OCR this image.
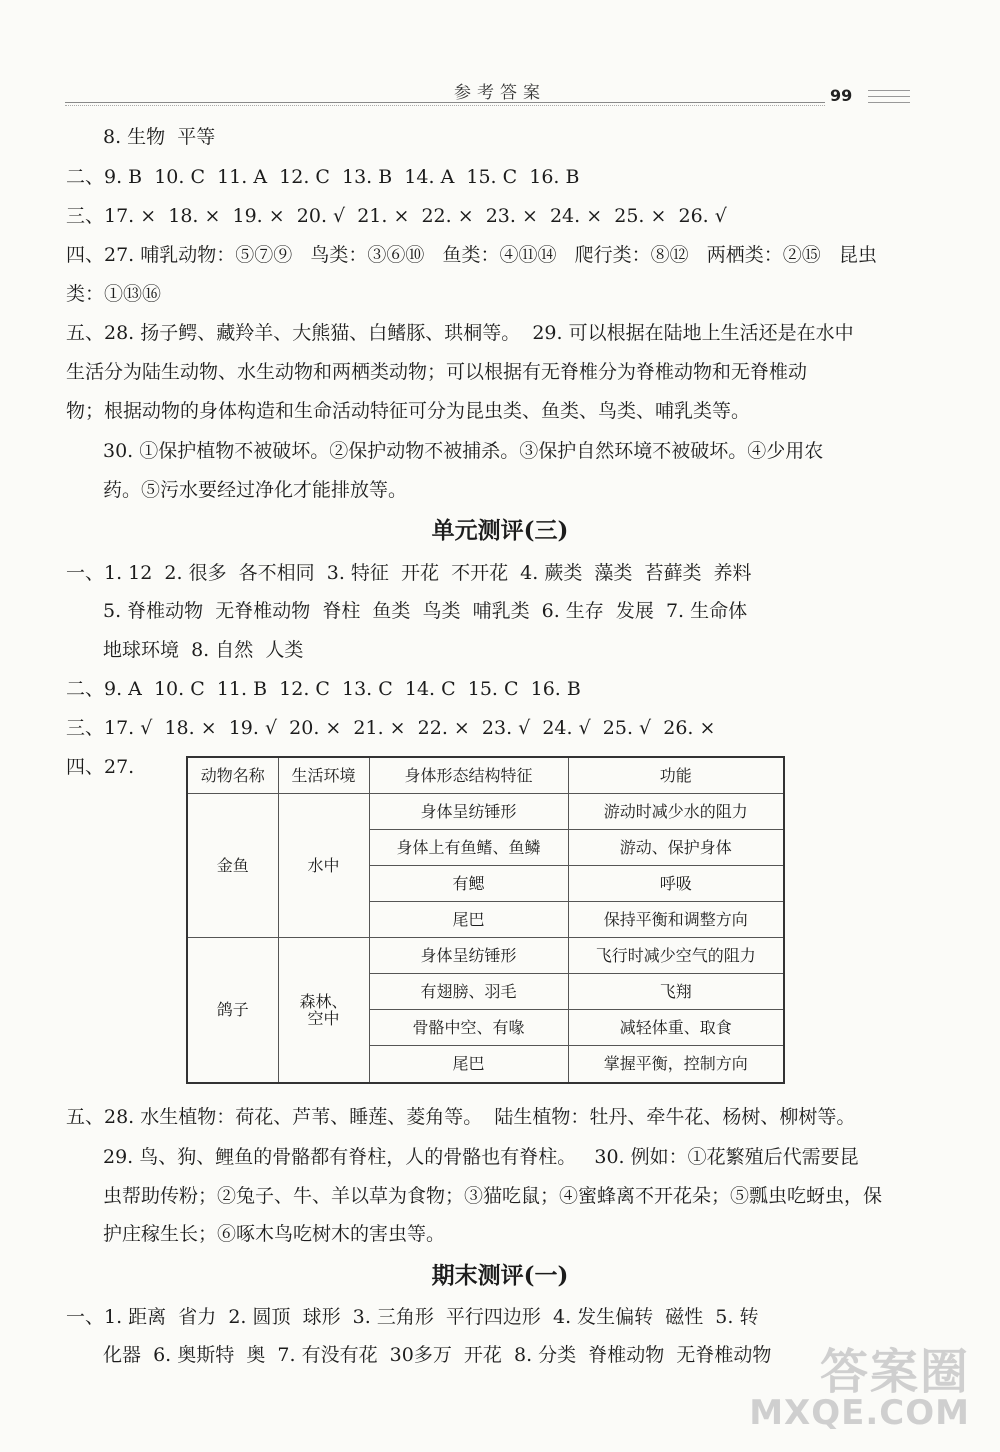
参考答案	99
8. 生物  平等
二、9. B  10. C  11. A  12. C  13. B  14. A  15. C  16. B
三、17. ×  18. ×  19. ×  20. √  21. ×  22. ×  23. ×  24. ×  25. ×  26. √
四、27. 哺乳动物：⑤⑦⑨   鸟类：③⑥⑩   鱼类：④⑪⑭   爬行类：⑧⑫   两栖类：②⑮   昆虫
类：①⑬⑯
五、28. 扬子鳄、藏羚羊、大熊猫、白鳍豚、珙桐等。  29. 可以根据在陆地上生活还是在水中
生活分为陆生动物、水生动物和两栖类动物；可以根据有无脊椎分为脊椎动物和无脊椎动
物；根据动物的身体构造和生命活动特征可分为昆虫类、鱼类、鸟类、哺乳类等。
30. ①保护植物不被破坏。②保护动物不被捕杀。③保护自然环境不被破坏。④少用农
药。⑤污水要经过净化才能排放等。
单元测评(三)
一、1. 12  2. 很多  各不相同  3. 特征  开花  不开花  4. 蕨类  藻类  苔藓类  养料
5. 脊椎动物  无脊椎动物  脊柱  鱼类  鸟类  哺乳类  6. 生存  发展  7. 生命体
地球环境  8. 自然  人类
二、9. A  10. C  11. B  12. C  13. C  14. C  15. C  16. B
三、17. √  18. ×  19. √  20. ×  21. ×  22. ×  23. √  24. √  25. √  26. ×
四、27.	动物名称	生活环境	身体形态结构特征	功能
金鱼	水中	身体呈纺锤形	游动时减少水的阻力
		身体上有鱼鳍、鱼鳞	游动、保护身体
		有鳃	呼吸
		尾巴	保持平衡和调整方向
鸽子	森林、空中	身体呈纺锤形	飞行时减少空气的阻力
		有翅膀、羽毛	飞翔
		骨骼中空、有喙	减轻体重、取食
		尾巴	掌握平衡，控制方向
五、28. 水生植物：荷花、芦苇、睡莲、菱角等。  陆生植物：牡丹、牵牛花、杨树、柳树等。
29. 鸟、狗、鲤鱼的骨骼都有脊柱，人的骨骼也有脊柱。   30. 例如：①花繁殖后代需要昆
虫帮助传粉；②兔子、牛、羊以草为食物；③猫吃鼠；④蜜蜂离不开花朵；⑤瓢虫吃蚜虫，保
护庄稼生长；⑥啄木鸟吃树木的害虫等。
期末测评(一)
一、1. 距离  省力  2. 圆顶  球形  3. 三角形  平行四边形  4. 发生偏转  磁性  5. 转
化器  6. 奥斯特  奥  7. 有没有花  30多万  开花  8. 分类  脊椎动物  无脊椎动物	答案圈
MXQE.COM
